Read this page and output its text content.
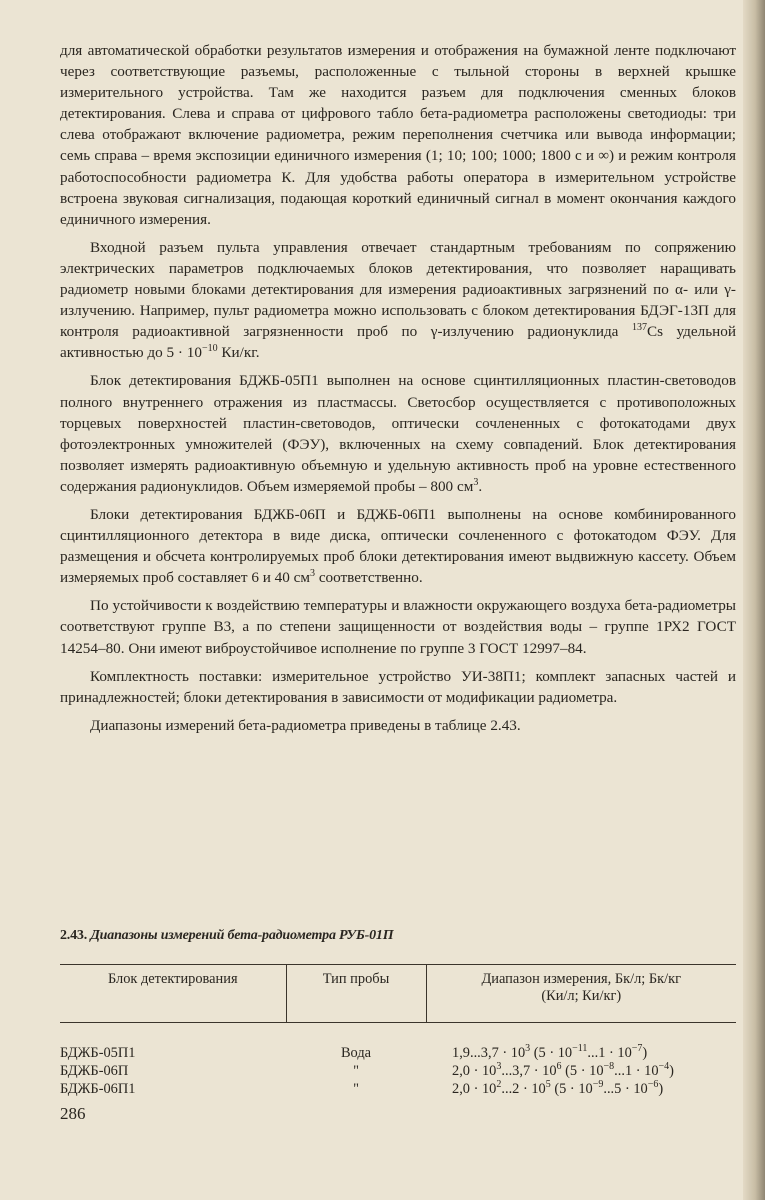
для автоматической обработки результатов измерения и отображения на бумажной ленте подключают через соответствующие разъемы, расположенные с тыльной стороны в верхней крышке измерительного устройства. Там же находится разъем для подключения сменных блоков детектирования. Слева и справа от цифрового табло бета-радиометра расположены светодиоды: три слева отображают включение радиометра, режим переполнения счетчика или вывода информации; семь справа – время экспозиции единичного измерения (1; 10; 100; 1000; 1800 с и ∞) и режим контроля работоспособности радиометра К. Для удобства работы оператора в измерительном устройстве встроена звуковая сигнализация, подающая короткий единичный сигнал в момент окончания каждого единичного измерения.

Входной разъем пульта управления отвечает стандартным требованиям по сопряжению электрических параметров подключаемых блоков детектирования, что позволяет наращивать радиометр новыми блоками детектирования для измерения радиоактивных загрязнений по α- или γ-излучению. Например, пульт радиометра можно использовать с блоком детектирования БДЭГ-13П для контроля радиоактивной загрязненности проб по γ-излучению радионуклида $^{137}$Cs удельной активностью до $5 \cdot 10^{-10}$ Ки/кг.

Блок детектирования БДЖБ-05П1 выполнен на основе сцинтилляционных пластин-световодов полного внутреннего отражения из пластмассы. Светосбор осуществляется с противоположных торцевых поверхностей пластин-световодов, оптически сочлененных с фотокатодами двух фотоэлектронных умножителей (ФЭУ), включенных на схему совпадений. Блок детектирования позволяет измерять радиоактивную объемную и удельную активность проб на уровне естественного содержания радионуклидов. Объем измеряемой пробы – 800 $см^3$.

Блоки детектирования БДЖБ-06П и БДЖБ-06П1 выполнены на основе комбинированного сцинтилляционного детектора в виде диска, оптически сочлененного с фотокатодом ФЭУ. Для размещения и обсчета контролируемых проб блоки детектирования имеют выдвижную кассету. Объем измеряемых проб составляет 6 и 40 $см^3$ соответственно.

По устойчивости к воздействию температуры и влажности окружающего воздуха бета-радиометры соответствуют группе В3, а по степени защищенности от воздействия воды – группе 1РХ2 ГОСТ 14254–80. Они имеют виброустойчивое исполнение по группе 3 ГОСТ 12997–84.

Комплектность поставки: измерительное устройство УИ-38П1; комплект запасных частей и принадлежностей; блоки детектирования в зависимости от модификации радиометра.

Диапазоны измерений бета-радиометра приведены в таблице 2.43.

2.43. Диапазоны измерений бета-радиометра РУБ-01П
Блок детектирования	Тип пробы	Диапазон измерения, Бк/л; Бк/кг
(Ки/л; Ки/кг)
БДЖБ-05П1	Вода	$1,9...3,7 \cdot 10^3$ $(5 \cdot 10^{-11}...1 \cdot 10^{-7})$
БДЖБ-06П	"	$2,0 \cdot 10^3...3,7 \cdot 10^6$ $(5 \cdot 10^{-8}...1 \cdot 10^{-4})$
БДЖБ-06П1	"	$2,0 \cdot 10^2...2 \cdot 10^5$ $(5 \cdot 10^{-9}...5 \cdot 10^{-6})$
286
